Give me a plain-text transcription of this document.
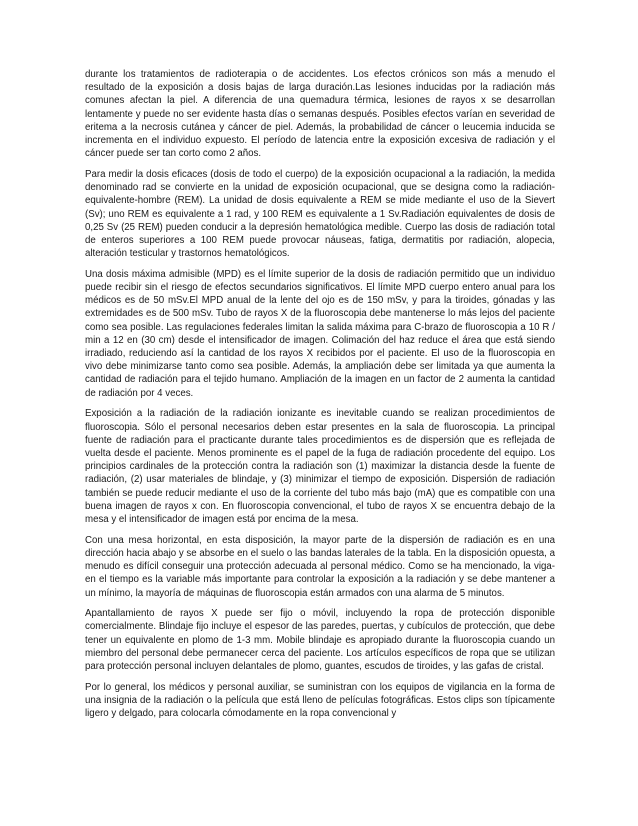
durante los tratamientos de radioterapia o de accidentes. Los efectos crónicos son más a menudo el resultado de la exposición a dosis bajas de larga duración.Las lesiones inducidas por la radiación más comunes afectan la piel. A diferencia de una quemadura térmica, lesiones de rayos x se desarrollan lentamente y puede no ser evidente hasta días o semanas después. Posibles efectos varían en severidad de eritema a la necrosis cutánea y cáncer de piel. Además, la probabilidad de cáncer o leucemia inducida se incrementa en el individuo expuesto. El período de latencia entre la exposición excesiva de radiación y el cáncer puede ser tan corto como 2 años.

Para medir la dosis eficaces (dosis de todo el cuerpo) de la exposición ocupacional a la radiación, la medida denominado rad se convierte en la unidad de exposición ocupacional, que se designa como la radiación-equivalente-hombre (REM). La unidad de dosis equivalente a REM se mide mediante el uso de la Sievert (Sv); uno REM es equivalente a 1 rad, y 100 REM es equivalente a 1 Sv.Radiación equivalentes de dosis de 0,25 Sv (25 REM) pueden conducir a la depresión hematológica medible. Cuerpo las dosis de radiación total de enteros superiores a 100 REM puede provocar náuseas, fatiga, dermatitis por radiación, alopecia, alteración testicular y trastornos hematológicos.

Una dosis máxima admisible (MPD) es el límite superior de la dosis de radiación permitido que un individuo puede recibir sin el riesgo de efectos secundarios significativos. El límite MPD cuerpo entero anual para los médicos es de 50 mSv.El MPD anual de la lente del ojo es de 150 mSv, y para la tiroides, gónadas y las extremidades es de 500 mSv. Tubo de rayos X de la fluoroscopia debe mantenerse lo más lejos del paciente como sea posible. Las regulaciones federales limitan la salida máxima para C-brazo de fluoroscopia a 10 R / min a 12 en (30 cm) desde el intensificador de imagen. Colimación del haz reduce el área que está siendo irradiado, reduciendo así la cantidad de los rayos X recibidos por el paciente. El uso de la fluoroscopia en vivo debe minimizarse tanto como sea posible. Además, la ampliación debe ser limitada ya que aumenta la cantidad de radiación para el tejido humano. Ampliación de la imagen en un factor de 2 aumenta la cantidad de radiación por 4 veces.

Exposición a la radiación de la radiación ionizante es inevitable cuando se realizan procedimientos de fluoroscopia. Sólo el personal necesarios deben estar presentes en la sala de fluoroscopia. La principal fuente de radiación para el practicante durante tales procedimientos es de dispersión que es reflejada de vuelta desde el paciente. Menos prominente es el papel de la fuga de radiación procedente del equipo. Los principios cardinales de la protección contra la radiación son (1) maximizar la distancia desde la fuente de radiación, (2) usar materiales de blindaje, y (3) minimizar el tiempo de exposición. Dispersión de radiación también se puede reducir mediante el uso de la corriente del tubo más bajo (mA) que es compatible con una buena imagen de rayos x con. En fluoroscopia convencional, el tubo de rayos X se encuentra debajo de la mesa y el intensificador de imagen está por encima de la mesa.

Con una mesa horizontal, en esta disposición, la mayor parte de la dispersión de radiación es en una dirección hacia abajo y se absorbe en el suelo o las bandas laterales de la tabla. En la disposición opuesta, a menudo es difícil conseguir una protección adecuada al personal médico. Como se ha mencionado, la viga-en el tiempo es la variable más importante para controlar la exposición a la radiación y se debe mantener a un mínimo, la mayoría de máquinas de fluoroscopia están armados con una alarma de 5 minutos.

Apantallamiento de rayos X puede ser fijo o móvil, incluyendo la ropa de protección disponible comercialmente. Blindaje fijo incluye el espesor de las paredes, puertas, y cubículos de protección, que debe tener un equivalente en plomo de 1-3 mm. Mobile blindaje es apropiado durante la fluoroscopia cuando un miembro del personal debe permanecer cerca del paciente. Los artículos específicos de ropa que se utilizan para protección personal incluyen delantales de plomo, guantes, escudos de tiroides, y las gafas de cristal.

Por lo general, los médicos y personal auxiliar, se suministran con los equipos de vigilancia en la forma de una insignia de la radiación o la película que está lleno de películas fotográficas. Estos clips son típicamente ligero y delgado, para colocarla cómodamente en la ropa convencional y
